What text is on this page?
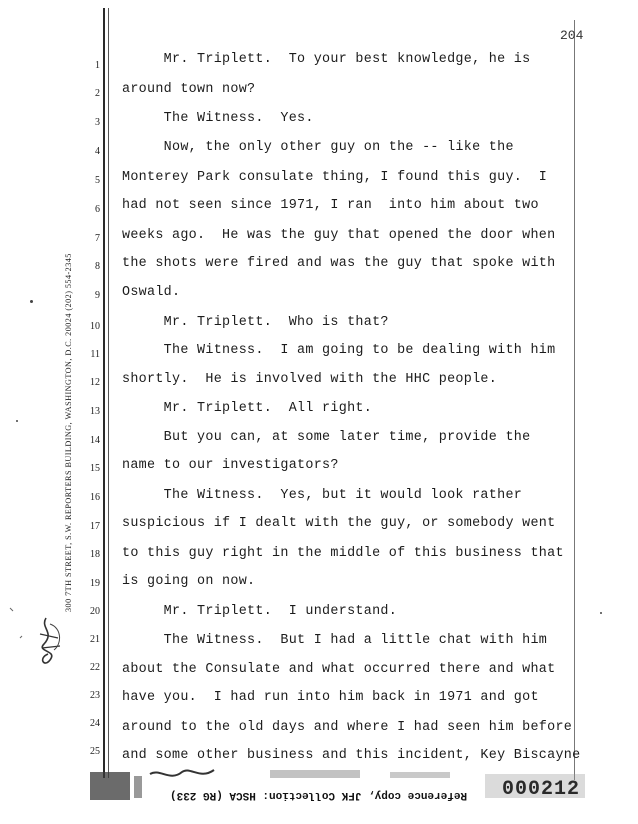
204
300 7TH STREET, S.W. REPORTERS BUILDING, WASHINGTON, D.C. 20024 (202) 554-2345
1 Mr. Triplett.  To your best knowledge, he is
2 around town now?
3 The Witness.  Yes.
4 Now, the only other guy on the -- like the
5 Monterey Park consulate thing, I found this guy.  I
6 had not seen since 1971, I ran  into him about two
7 weeks ago.  He was the guy that opened the door when
8 the shots were fired and was the guy that spoke with
9 Oswald.
10 Mr. Triplett.  Who is that?
11 The Witness.  I am going to be dealing with him
12 shortly.  He is involved with the HHC people.
13 Mr. Triplett.  All right.
14 But you can, at some later time, provide the
15 name to our investigators?
16 The Witness.  Yes, but it would look rather
17 suspicious if I dealt with the guy, or somebody went
18 to this guy right in the middle of this business that
19 is going on now.
20 Mr. Triplett.  I understand.
21 The Witness.  But I had a little chat with him
22 about the Consulate and what occurred there and what
23 have you.  I had run into him back in 1971 and got
24 around to the old days and where I had seen him before
25 and some other business and this incident, Key Biscayne
Reference copy, JFK Collection: HSCA (RG 233) 000212
